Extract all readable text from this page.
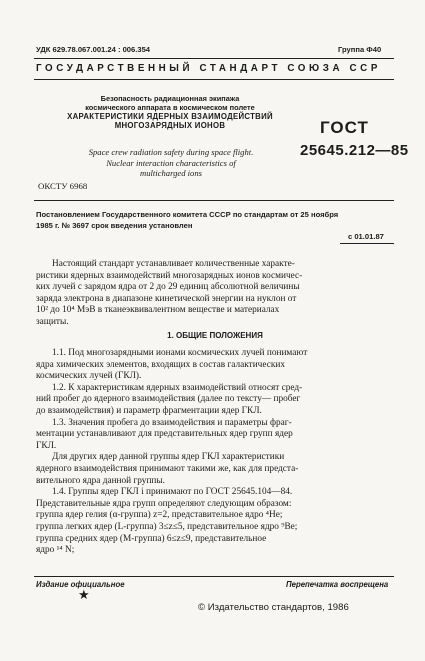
УДК 629.78.067.001.24 : 006.354	Группа Ф40
ГОСУДАРСТВЕННЫЙ СТАНДАРТ СОЮЗА ССР
Безопасность радиационная экипажа
космического аппарата в космическом полете
ХАРАКТЕРИСТИКИ ЯДЕРНЫХ ВЗАИМОДЕЙСТВИЙ
МНОГОЗАРЯДНЫХ ИОНОВ
Space crew radiation safety during space flight.
Nuclear interaction characteristics of
multicharged ions
ГОСТ
25645.212—85
ОКСТУ 6968
Постановлением Государственного комитета СССР по стандартам от 25 ноября
1985 г. № 3697 срок введения установлен
с 01.01.87
Настоящий стандарт устанавливает количественные характе-
ристики ядерных взаимодействий многозарядных ионов космичес-
ких лучей с зарядом ядра от 2 до 29 единиц абсолютной величины
заряда электрона в диапазоне кинетической энергии на нуклон от
10² до 10⁴ МэВ в тканеэквивалентном веществе и материалах
защиты.
1. ОБЩИЕ ПОЛОЖЕНИЯ
1.1. Под многозарядными ионами космических лучей понимают
ядра химических элементов, входящих в состав галактических
космических лучей (ГКЛ).
1.2. К характеристикам ядерных взаимодействий относят сред-
ний пробег до ядерного взаимодействия (далее по тексту— пробег
до взаимодействия) и параметр фрагментации ядер ГКЛ.
1.3. Значения пробега до взаимодействия и параметры фраг-
ментации устанавливают для представительных ядер групп ядер
ГКЛ.
Для других ядер данной группы ядер ГКЛ характеристики
ядерного взаимодействия принимают такими же, как для предста-
вительного ядра данной группы.
1.4. Группы ядер ГКЛ i принимают по ГОСТ 25645.104—84.
Представительные ядра групп определяют следующим образом:
группа ядер гелия (α-группа) z=2, представительное ядро ⁴Не;
группа легких ядер (L-группа) 3≤z≤5, представительное ядро ⁹Ве;
группа средних ядер (М-группа) 6≤z≤9, представительное
ядро ¹⁴ N;
Издание официальное	Перепечатка воспрещена
★
© Издательство стандартов, 1986
